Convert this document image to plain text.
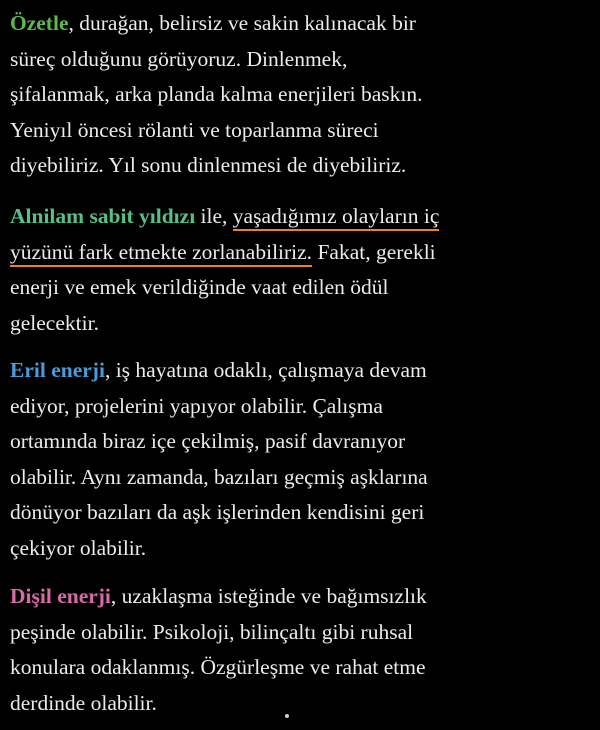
Özetle, durağan, belirsiz ve sakin kalınacak bir
süreç olduğunu görüyoruz. Dinlenmek,
şifalanmak, arka planda kalma enerjileri baskın.
Yeniyıl öncesi rölanti ve toparlanma süreci
diyebiliriz. Yıl sonu dinlenmesi de diyebiliriz.

Alnilam sabit yıldızı ile, yaşadığımız olayların iç
yüzünü fark etmekte zorlanabiliriz. Fakat, gerekli
enerji ve emek verildiğinde vaat edilen ödül
gelecektir.

Eril enerji, iş hayatına odaklı, çalışmaya devam
ediyor, projelerini yapıyor olabilir. Çalışma
ortamında biraz içe çekilmiş, pasif davranıyor
olabilir. Aynı zamanda, bazıları geçmiş aşklarına
dönüyor bazıları da aşk işlerinden kendisini geri
çekiyor olabilir.

Dişil enerji, uzaklaşma isteğinde ve bağımsızlık
peşinde olabilir. Psikoloji, bilinçaltı gibi ruhsal
konulara odaklanmış. Özgürleşme ve rahat etme
derdinde olabilir.
